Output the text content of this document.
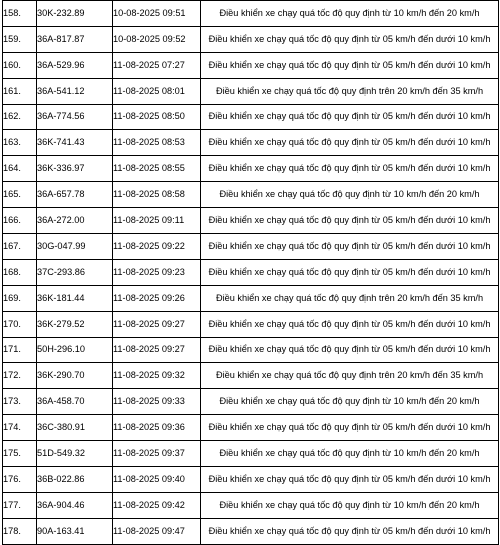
158.	30K-232.89	10-08-2025 09:51	Điều khiển xe chạy quá tốc độ quy định từ 10 km/h đến 20 km/h
159.	36A-817.87	10-08-2025 09:52	Điều khiển xe chạy quá tốc độ quy định từ 05 km/h đến dưới 10 km/h
160.	36A-529.96	11-08-2025 07:27	Điều khiển xe chạy quá tốc độ quy định từ 05 km/h đến dưới 10 km/h
161.	36A-541.12	11-08-2025 08:01	Điều khiển xe chạy quá tốc độ quy định trên 20 km/h đến 35 km/h
162.	36A-774.56	11-08-2025 08:50	Điều khiển xe chạy quá tốc độ quy định từ 05 km/h đến dưới 10 km/h
163.	36K-741.43	11-08-2025 08:53	Điều khiển xe chạy quá tốc độ quy định từ 05 km/h đến dưới 10 km/h
164.	36K-336.97	11-08-2025 08:55	Điều khiển xe chạy quá tốc độ quy định từ 05 km/h đến dưới 10 km/h
165.	36A-657.78	11-08-2025 08:58	Điều khiển xe chạy quá tốc độ quy định từ 10 km/h đến 20 km/h
166.	36A-272.00	11-08-2025 09:11	Điều khiển xe chạy quá tốc độ quy định từ 05 km/h đến dưới 10 km/h
167.	30G-047.99	11-08-2025 09:22	Điều khiển xe chạy quá tốc độ quy định từ 05 km/h đến dưới 10 km/h
168.	37C-293.86	11-08-2025 09:23	Điều khiển xe chạy quá tốc độ quy định từ 05 km/h đến dưới 10 km/h
169.	36K-181.44	11-08-2025 09:26	Điều khiển xe chạy quá tốc độ quy định trên 20 km/h đến 35 km/h
170.	36K-279.52	11-08-2025 09:27	Điều khiển xe chạy quá tốc độ quy định từ 05 km/h đến dưới 10 km/h
171.	50H-296.10	11-08-2025 09:27	Điều khiển xe chạy quá tốc độ quy định từ 05 km/h đến dưới 10 km/h
172.	36K-290.70	11-08-2025 09:32	Điều khiển xe chạy quá tốc độ quy định trên 20 km/h đến 35 km/h
173.	36A-458.70	11-08-2025 09:33	Điều khiển xe chạy quá tốc độ quy định từ 10 km/h đến 20 km/h
174.	36C-380.91	11-08-2025 09:36	Điều khiển xe chạy quá tốc độ quy định từ 05 km/h đến dưới 10 km/h
175.	51D-549.32	11-08-2025 09:37	Điều khiển xe chạy quá tốc độ quy định từ 10 km/h đến 20 km/h
176.	36B-022.86	11-08-2025 09:40	Điều khiển xe chạy quá tốc độ quy định từ 05 km/h đến dưới 10 km/h
177.	36A-904.46	11-08-2025 09:42	Điều khiển xe chạy quá tốc độ quy định từ 10 km/h đến 20 km/h
178.	90A-163.41	11-08-2025 09:47	Điều khiển xe chạy quá tốc độ quy định từ 05 km/h đến dưới 10 km/h
